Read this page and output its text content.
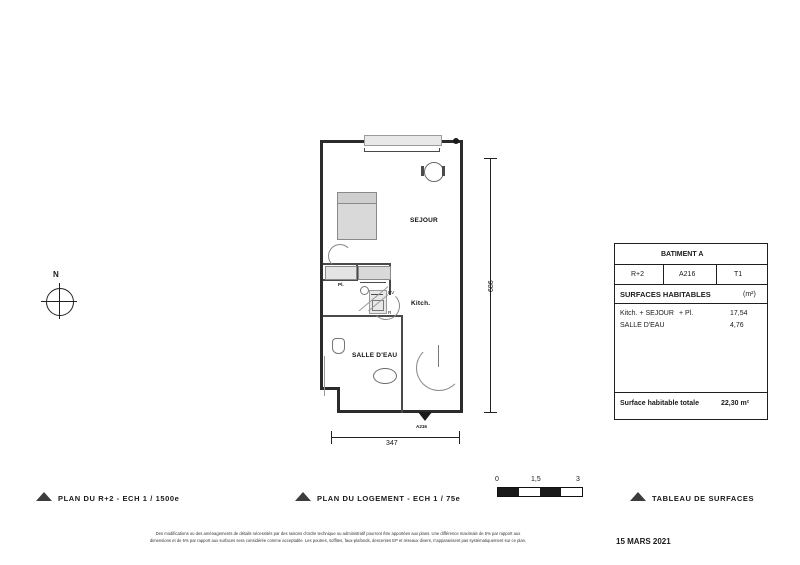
N
SEJOUR
Kitch.
SALLE D'EAU
Pl.
EV
R
A216
686
347
BATIMENT A
R+2	A216	T1
SURFACES HABITABLES	(m²)
Kitch. + SEJOUR + Pl.	17,54
SALLE D'EAU	4,76
Surface habitable totale	22,30 m²
PLAN DU R+2 - ECH 1 / 1500e	PLAN DU LOGEMENT - ECH 1 / 75e	TABLEAU DE SURFACES
0	1,5	3
Des modifications ou des aménagements de détails nécessités par des raisons d'ordre technique ou administratif pourront être apportées aux plans. Une différence maximale de 5% par rapport aux
dimensions et de 5% par rapport aux surfaces sera considérée comme acceptable. Les poutres, soffites, faux-plafonds, descentes EP et réseaux divers, n'apparaissent pas systématiquement sur ce plan.	15 MARS 2021
